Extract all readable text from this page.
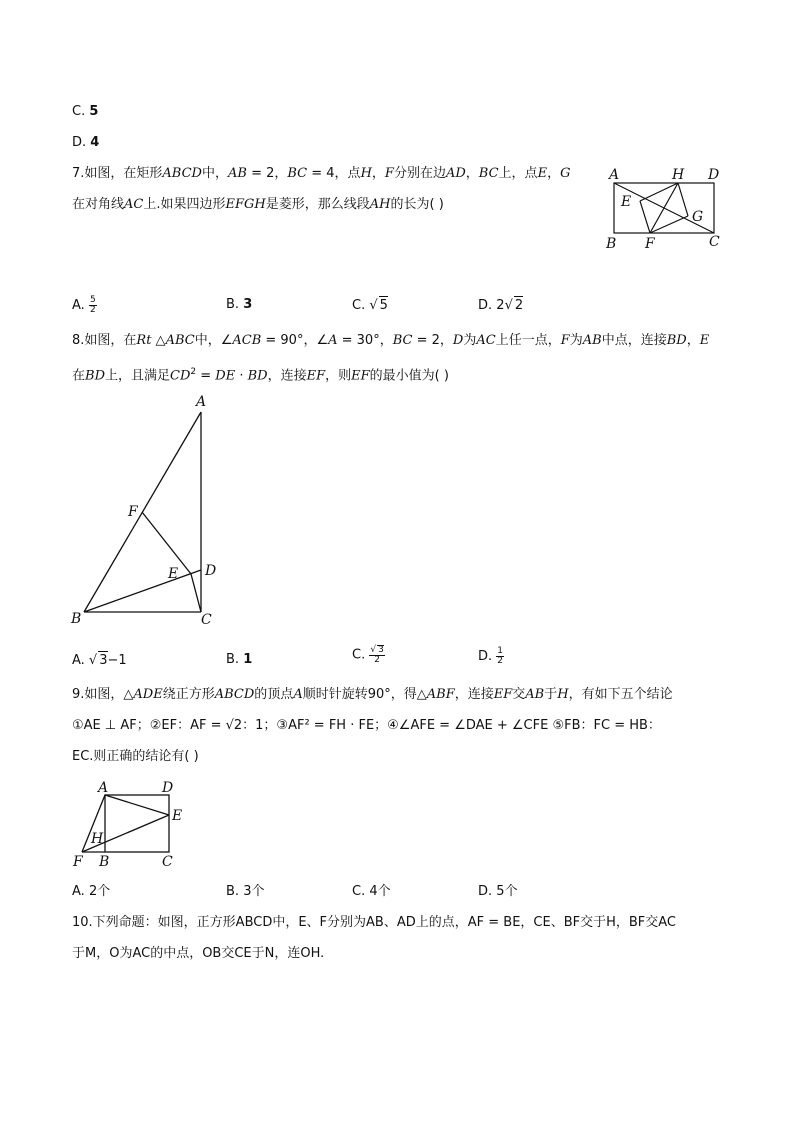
C. 5
D. 4
7.如图，在矩形ABCD中，AB = 2，BC = 4，点H，F分别在边AD，BC上，点E，G
在对角线AC上.如果四边形EFGH是菱形，那么线段AH的长为( )
A	H D
E
G
B F	C
A. $\frac{5}{2}$	B. 3	C. √ 5	D. 2√ 2
8.如图，在Rt △ABC中，∠ACB = 90°，∠A = 30°，BC = 2，D为AC上任一点，F为AB中点，连接BD，E
在BD上，且满足$CD^2$ = DE · BD，连接EF，则EF的最小值为( )
A
F
E D
B	C
A. √ 3−1	B. 1	C. $\frac{√ 3}{2}$	D. $\frac{1}{2}$
9.如图，△ADE绕正方形ABCD的顶点A顺时针旋转90°，得△ABF，连接EF交AB于H，有如下五个结论
①AE ⊥ AF；②EF：AF = √2：1；③AF² = FH · FE；④∠AFE = ∠DAE + ∠CFE ⑤FB：FC = HB：
EC.则正确的结论有( )
A	D
E
H
F B	C
A. 2个	B. 3个	C. 4个	D. 5个
10.下列命题：如图，正方形ABCD中，E、F分别为AB、AD上的点，AF = BE，CE、BF交于H，BF交AC
于M，O为AC的中点，OB交CE于N，连OH.
